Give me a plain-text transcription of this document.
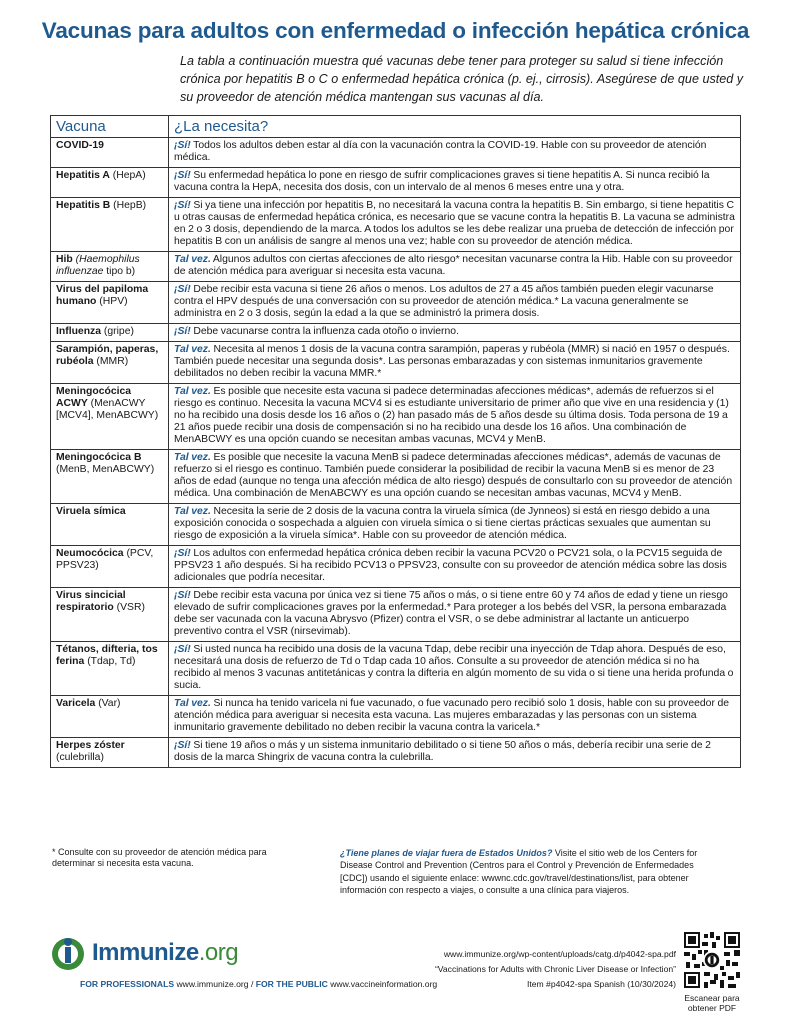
Vacunas para adultos con enfermedad o infección hepática crónica
La tabla a continuación muestra qué vacunas debe tener para proteger su salud si tiene infección crónica por hepatitis B o C o enfermedad hepática crónica (p. ej., cirrosis). Asegúrese de que usted y su proveedor de atención médica mantengan sus vacunas al día.
Vacuna	¿La necesita?
COVID-19	¡Sí! Todos los adultos deben estar al día con la vacunación contra la COVID-19. Hable con su proveedor de atención médica.
Hepatitis A (HepA)	¡Sí! Su enfermedad hepática lo pone en riesgo de sufrir complicaciones graves si tiene hepatitis A. Si nunca recibió la vacuna contra la HepA, necesita dos dosis, con un intervalo de al menos 6 meses entre una y otra.
Hepatitis B (HepB)	¡Sí! Si ya tiene una infección por hepatitis B, no necesitará la vacuna contra la hepatitis B. Sin embargo, si tiene hepatitis C u otras causas de enfermedad hepática crónica, es necesario que se vacune contra la hepatitis B. La vacuna se administra en 2 o 3 dosis, dependiendo de la marca. A todos los adultos se les debe realizar una prueba de detección de infección por hepatitis B con un análisis de sangre al menos una vez; hable con su proveedor de atención médica.
Hib (Haemophilus influenzae tipo b)	Tal vez. Algunos adultos con ciertas afecciones de alto riesgo* necesitan vacunarse contra la Hib. Hable con su proveedor de atención médica para averiguar si necesita esta vacuna.
Virus del papiloma humano (HPV)	¡Sí! Debe recibir esta vacuna si tiene 26 años o menos. Los adultos de 27 a 45 años también pueden elegir vacunarse contra el HPV después de una conversación con su proveedor de atención médica.* La vacuna generalmente se administra en 2 o 3 dosis, según la edad a la que se administró la primera dosis.
Influenza (gripe)	¡Sí! Debe vacunarse contra la influenza cada otoño o invierno.
Sarampión, paperas, rubéola (MMR)	Tal vez. Necesita al menos 1 dosis de la vacuna contra sarampión, paperas y rubéola (MMR) si nació en 1957 o después. También puede necesitar una segunda dosis*. Las personas embarazadas y con sistemas inmunitarios gravemente debilitados no deben recibir la vacuna MMR.*
Meningocócica ACWY (MenACWY [MCV4], MenABCWY)	Tal vez. Es posible que necesite esta vacuna si padece determinadas afecciones médicas*, además de refuerzos si el riesgo es continuo. Necesita la vacuna MCV4 si es estudiante universitario de primer año que vive en una residencia y (1) no ha recibido una dosis desde los 16 años o (2) han pasado más de 5 años desde su última dosis. Toda persona de 19 a 21 años puede recibir una dosis de compensación si no ha recibido una desde los 16 años. Una combinación de MenABCWY es una opción cuando se necesitan ambas vacunas, MCV4 y MenB.
Meningocócica B (MenB, MenABCWY)	Tal vez. Es posible que necesite la vacuna MenB si padece determinadas afecciones médicas*, además de vacunas de refuerzo si el riesgo es continuo. También puede considerar la posibilidad de recibir la vacuna MenB si es menor de 23 años de edad (aunque no tenga una afección médica de alto riesgo) después de consultarlo con su proveedor de atención médica. Una combinación de MenABCWY es una opción cuando se necesitan ambas vacunas, MCV4 y MenB.
Viruela símica	Tal vez. Necesita la serie de 2 dosis de la vacuna contra la viruela símica (de Jynneos) si está en riesgo debido a una exposición conocida o sospechada a alguien con viruela símica o si tiene ciertas prácticas sexuales que aumentan su riesgo de exposición a la viruela símica*. Hable con su proveedor de atención médica.
Neumocócica (PCV, PPSV23)	¡Sí! Los adultos con enfermedad hepática crónica deben recibir la vacuna PCV20 o PCV21 sola, o la PCV15 seguida de PPSV23 1 año después. Si ha recibido PCV13 o PPSV23, consulte con su proveedor de atención médica sobre las dosis adicionales que podría necesitar.
Virus sincicial respiratorio (VSR)	¡Sí! Debe recibir esta vacuna por única vez si tiene 75 años o más, o si tiene entre 60 y 74 años de edad y tiene un riesgo elevado de sufrir complicaciones graves por la enfermedad.* Para proteger a los bebés del VSR, la persona embarazada debe ser vacunada con la vacuna Abrysvo (Pfizer) contra el VSR, o se debe administrar al lactante un anticuerpo preventivo contra el VSR (nirsevimab).
Tétanos, difteria, tos ferina (Tdap, Td)	¡Sí! Si usted nunca ha recibido una dosis de la vacuna Tdap, debe recibir una inyección de Tdap ahora. Después de eso, necesitará una dosis de refuerzo de Td o Tdap cada 10 años. Consulte a su proveedor de atención médica si no ha recibido al menos 3 vacunas antitetánicas y contra la difteria en algún momento de su vida o si tiene una herida profunda o sucia.
Varicela (Var)	Tal vez. Si nunca ha tenido varicela ni fue vacunado, o fue vacunado pero recibió solo 1 dosis, hable con su proveedor de atención médica para averiguar si necesita esta vacuna. Las mujeres embarazadas y las personas con un sistema inmunitario gravemente debilitado no deben recibir la vacuna contra la varicela.*
Herpes zóster (culebrilla)	¡Sí! Si tiene 19 años o más y un sistema inmunitario debilitado o si tiene 50 años o más, debería recibir una serie de 2 dosis de la marca Shingrix de vacuna contra la culebrilla.
* Consulte con su proveedor de atención médica para determinar si necesita esta vacuna.
¿Tiene planes de viajar fuera de Estados Unidos? Visite el sitio web de los Centers for Disease Control and Prevention (Centros para el Control y Prevención de Enfermedades [CDC]) usando el siguiente enlace: wwwnc.cdc.gov/travel/destinations/list, para obtener información con respecto a viajes, o consulte a una clínica para viajeros.
Immunize.org
FOR PROFESSIONALS www.immunize.org / FOR THE PUBLIC www.vaccineinformation.org
www.immunize.org/wp-content/uploads/catg.d/p4042-spa.pdf
“Vaccinations for Adults with Chronic Liver Disease or Infection”
Item #p4042-spa Spanish (10/30/2024)
Escanear para obtener PDF
